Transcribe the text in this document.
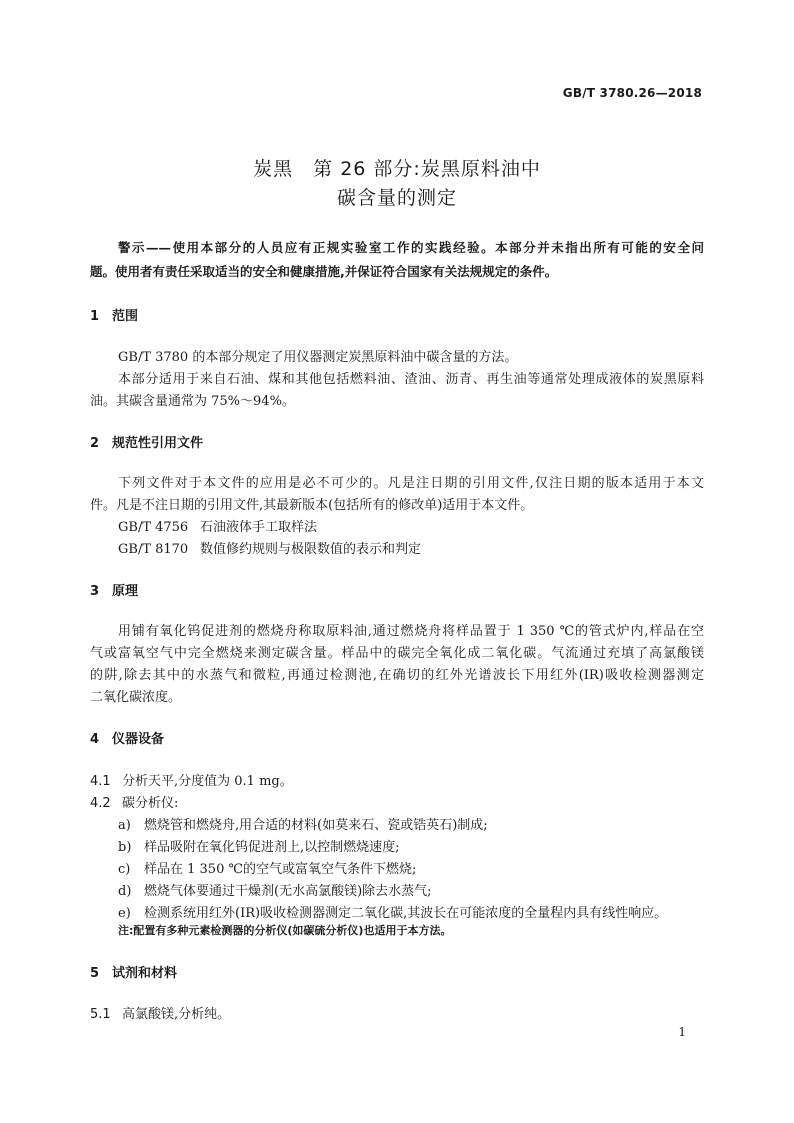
GB/T 3780.26—2018
炭黑　第 26 部分:炭黑原料油中
碳含量的测定
警示——使用本部分的人员应有正规实验室工作的实践经验。本部分并未指出所有可能的安全问
题。使用者有责任采取适当的安全和健康措施,并保证符合国家有关法规规定的条件。
1 范围
GB/T 3780 的本部分规定了用仪器测定炭黑原料油中碳含量的方法。
本部分适用于来自石油、煤和其他包括燃料油、渣油、沥青、再生油等通常处理成液体的炭黑原料
油。其碳含量通常为 75%～94%。
2 规范性引用文件
下列文件对于本文件的应用是必不可少的。凡是注日期的引用文件,仅注日期的版本适用于本文
件。凡是不注日期的引用文件,其最新版本(包括所有的修改单)适用于本文件。
GB/T 4756 石油液体手工取样法
GB/T 8170 数值修约规则与极限数值的表示和判定
3 原理
用铺有氧化钨促进剂的燃烧舟称取原料油,通过燃烧舟将样品置于 1 350 ℃的管式炉内,样品在空
气或富氧空气中完全燃烧来测定碳含量。样品中的碳完全氧化成二氧化碳。气流通过充填了高氯酸镁
的阱,除去其中的水蒸气和微粒,再通过检测池,在确切的红外光谱波长下用红外(IR)吸收检测器测定
二氧化碳浓度。
4 仪器设备
4.1 分析天平,分度值为 0.1 mg。
4.2 碳分析仪:
a) 燃烧管和燃烧舟,用合适的材料(如莫来石、瓷或锆英石)制成;
b) 样品吸附在氧化钨促进剂上,以控制燃烧速度;
c) 样品在 1 350 ℃的空气或富氧空气条件下燃烧;
d) 燃烧气体要通过干燥剂(无水高氯酸镁)除去水蒸气;
e) 检测系统用红外(IR)吸收检测器测定二氧化碳,其波长在可能浓度的全量程内具有线性响应。
注:配置有多种元素检测器的分析仪(如碳硫分析仪)也适用于本方法。
5 试剂和材料
5.1 高氯酸镁,分析纯。
1
